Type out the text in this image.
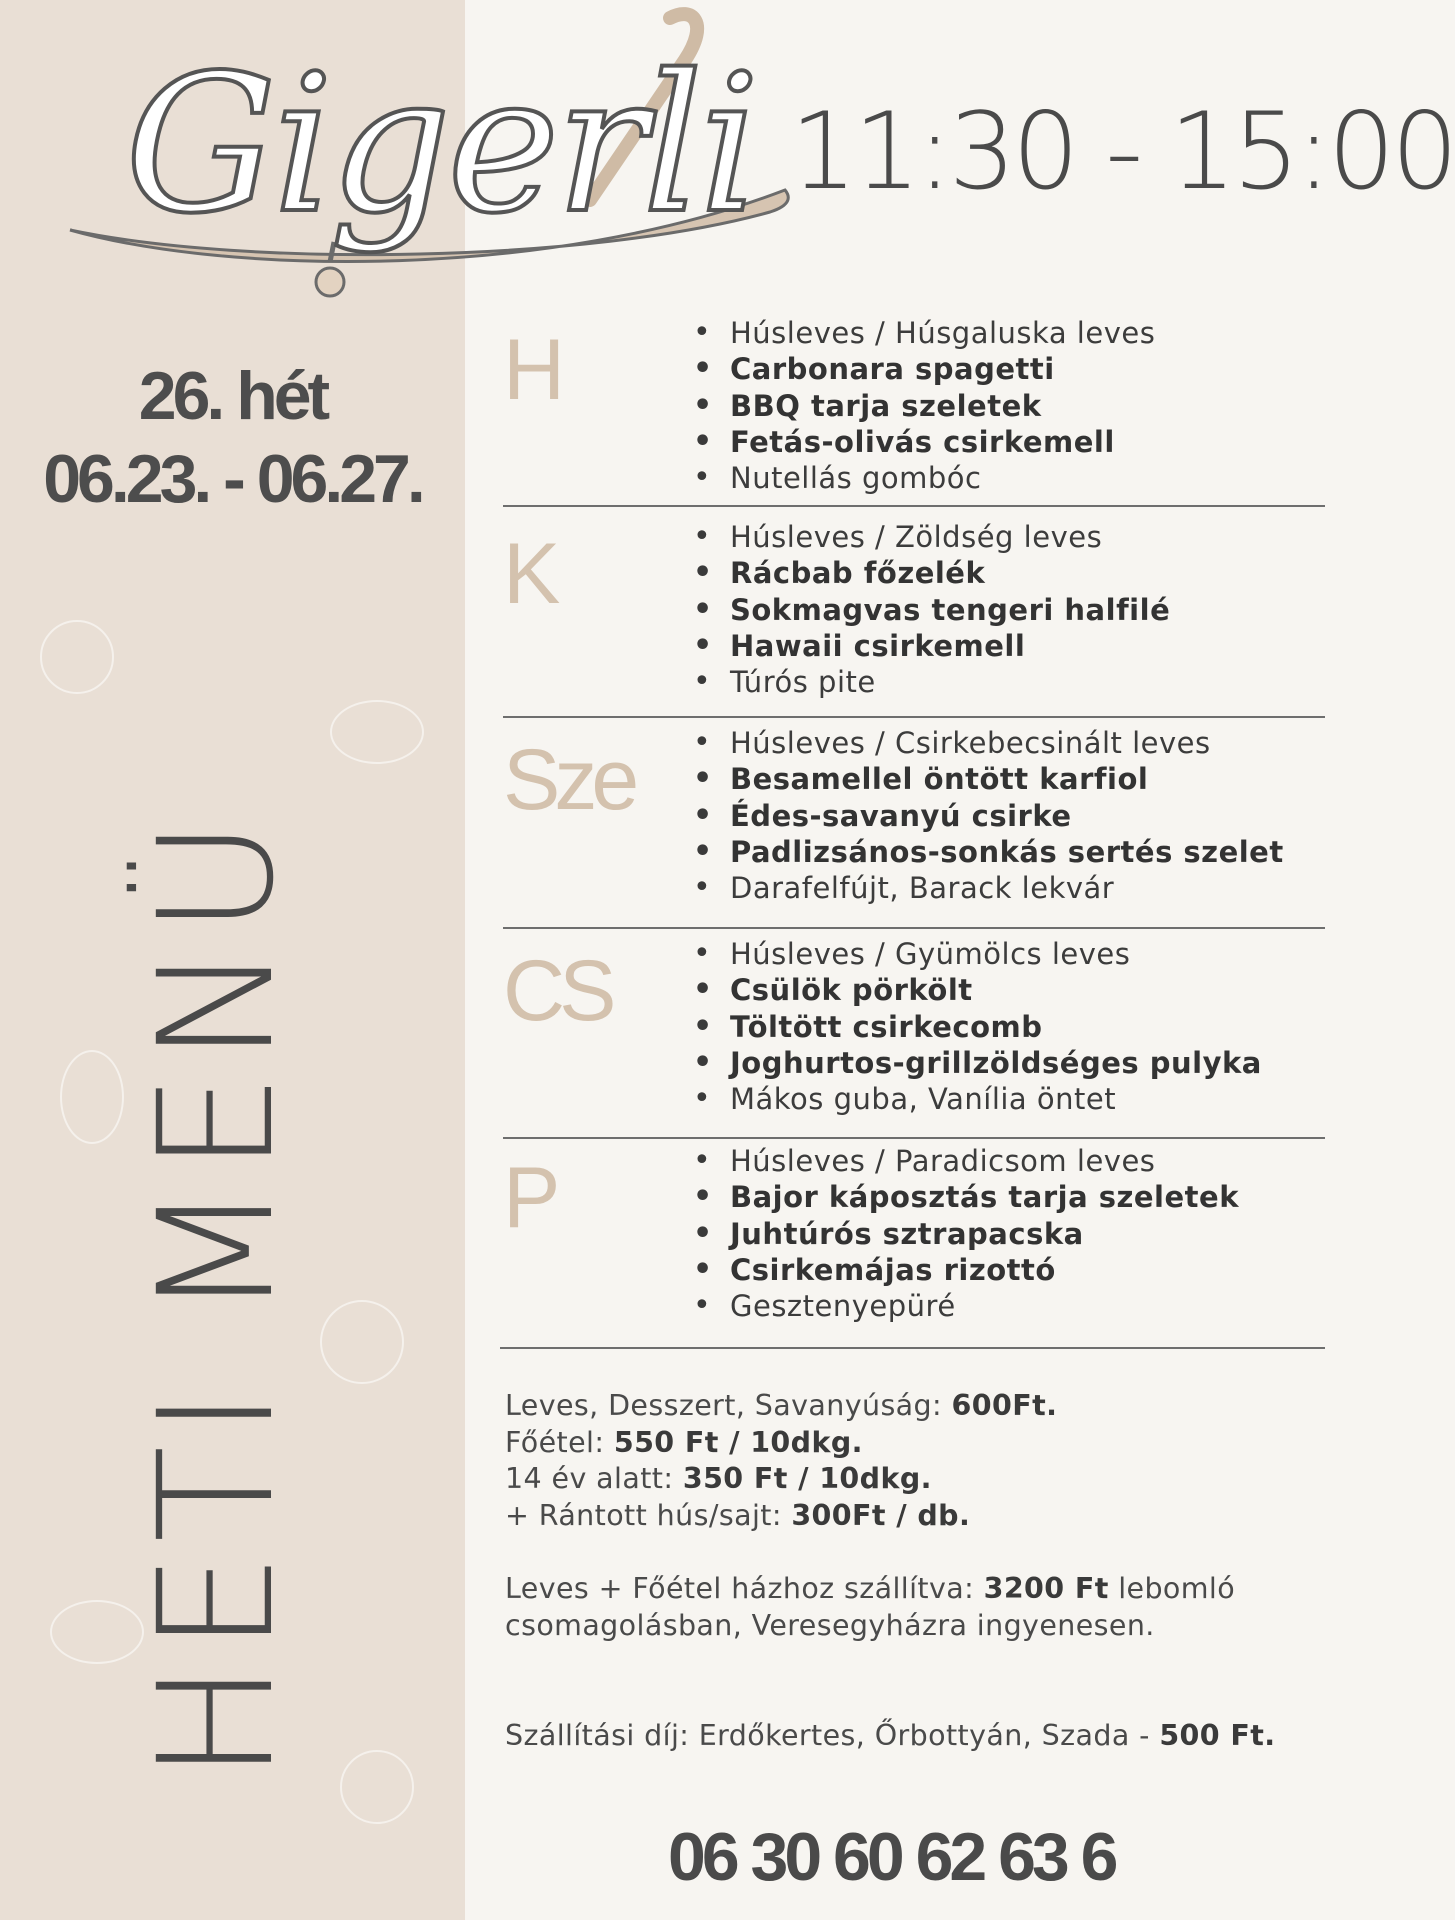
Gigerli 11:30 - 15:00
26. hét
06.23. - 06.27.
HETI MENÜ
H	• Húsleves / Húsgaluska leves
• Carbonara spagetti
• BBQ tarja szeletek
• Fetás-olivás csirkemell
• Nutellás gombóc
K	• Húsleves / Zöldség leves
• Rácbab főzelék
• Sokmagvas tengeri halfilé
• Hawaii csirkemell
• Túrós pite
Sze	• Húsleves / Csirkebecsinált leves
• Besamellel öntött karfiol
• Édes-savanyú csirke
• Padlizsános-sonkás sertés szelet
• Darafelfújt, Barack lekvár
CS	• Húsleves / Gyümölcs leves
• Csülök pörkölt
• Töltött csirkecomb
• Joghurtos-grillzöldséges pulyka
• Mákos guba, Vanília öntet
P	• Húsleves / Paradicsom leves
• Bajor káposztás tarja szeletek
• Juhtúrós sztrapacska
• Csirkemájas rizottó
• Gesztenyepüré
Leves, Desszert, Savanyúság: 600Ft.
Főétel: 550 Ft / 10dkg.
14 év alatt: 350 Ft / 10dkg.
+ Rántott hús/sajt: 300Ft / db.
Leves + Főétel házhoz szállítva: 3200 Ft lebomló
csomagolásban, Veresegyházra ingyenesen.
Szállítási díj: Erdőkertes, Őrbottyán, Szada - 500 Ft.
06 30 60 62 63 6
